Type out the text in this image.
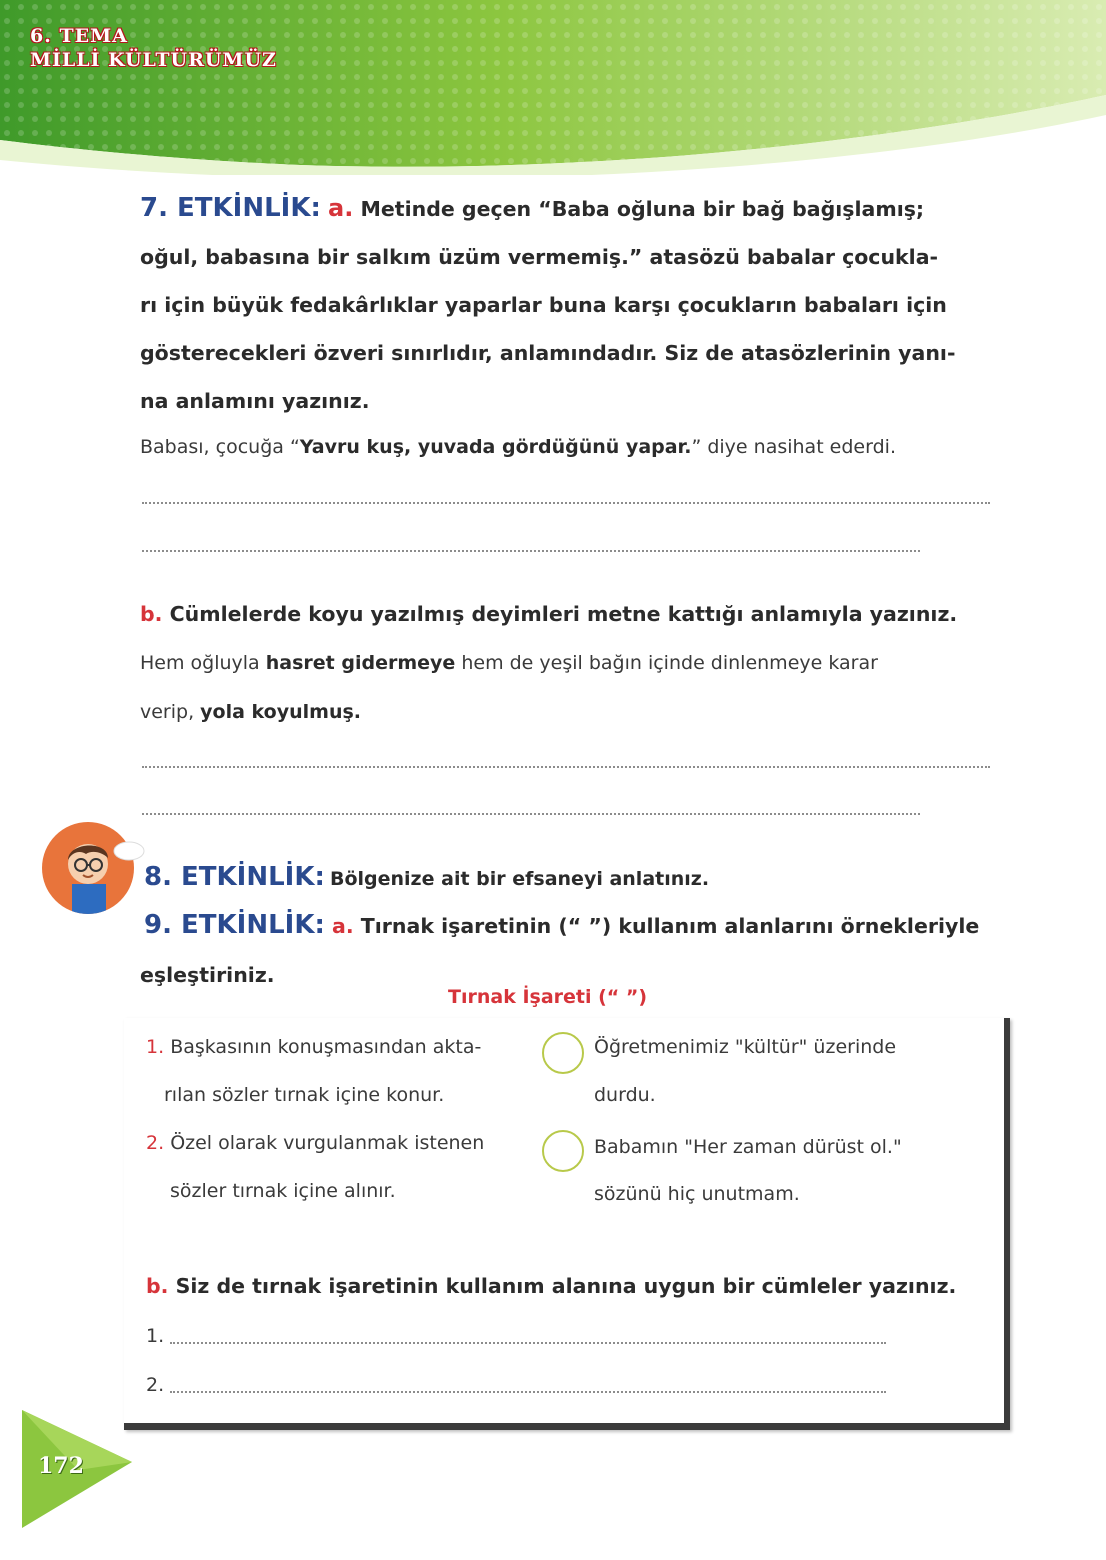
6. TEMA
MİLLİ KÜLTÜRÜMÜZ
7. ETKİNLİK: a. Metinde geçen “Baba oğluna bir bağ bağışlamış;
oğul, babasına bir salkım üzüm vermemiş.” atasözü babalar çocukla-
rı için büyük fedakârlıklar yaparlar buna karşı çocukların babaları için
gösterecekleri özveri sınırlıdır, anlamındadır. Siz de atasözlerinin yanı-
na anlamını yazınız.
Babası, çocuğa “Yavru kuş, yuvada gördüğünü yapar.” diye nasihat ederdi.
b. Cümlelerde koyu yazılmış deyimleri metne kattığı anlamıyla yazınız.
Hem oğluyla hasret gidermeye hem de yeşil bağın içinde dinlenmeye karar
verip, yola koyulmuş.
8. ETKİNLİK: Bölgenize ait bir efsaneyi anlatınız.
9. ETKİNLİK: a. Tırnak işaretinin (“ ”) kullanım alanlarını örnekleriyle
eşleştiriniz.
Tırnak İşareti (“ ”)
1. Başkasının konuşmasından akta-
rılan sözler tırnak içine konur.
2. Özel olarak vurgulanmak istenen
sözler tırnak içine alınır.
Öğretmenimiz "kültür" üzerinde
durdu.
Babamın "Her zaman dürüst ol."
sözünü hiç unutmam.
b. Siz de tırnak işaretinin kullanım alanına uygun bir cümleler yazınız.
1.
2.
172
